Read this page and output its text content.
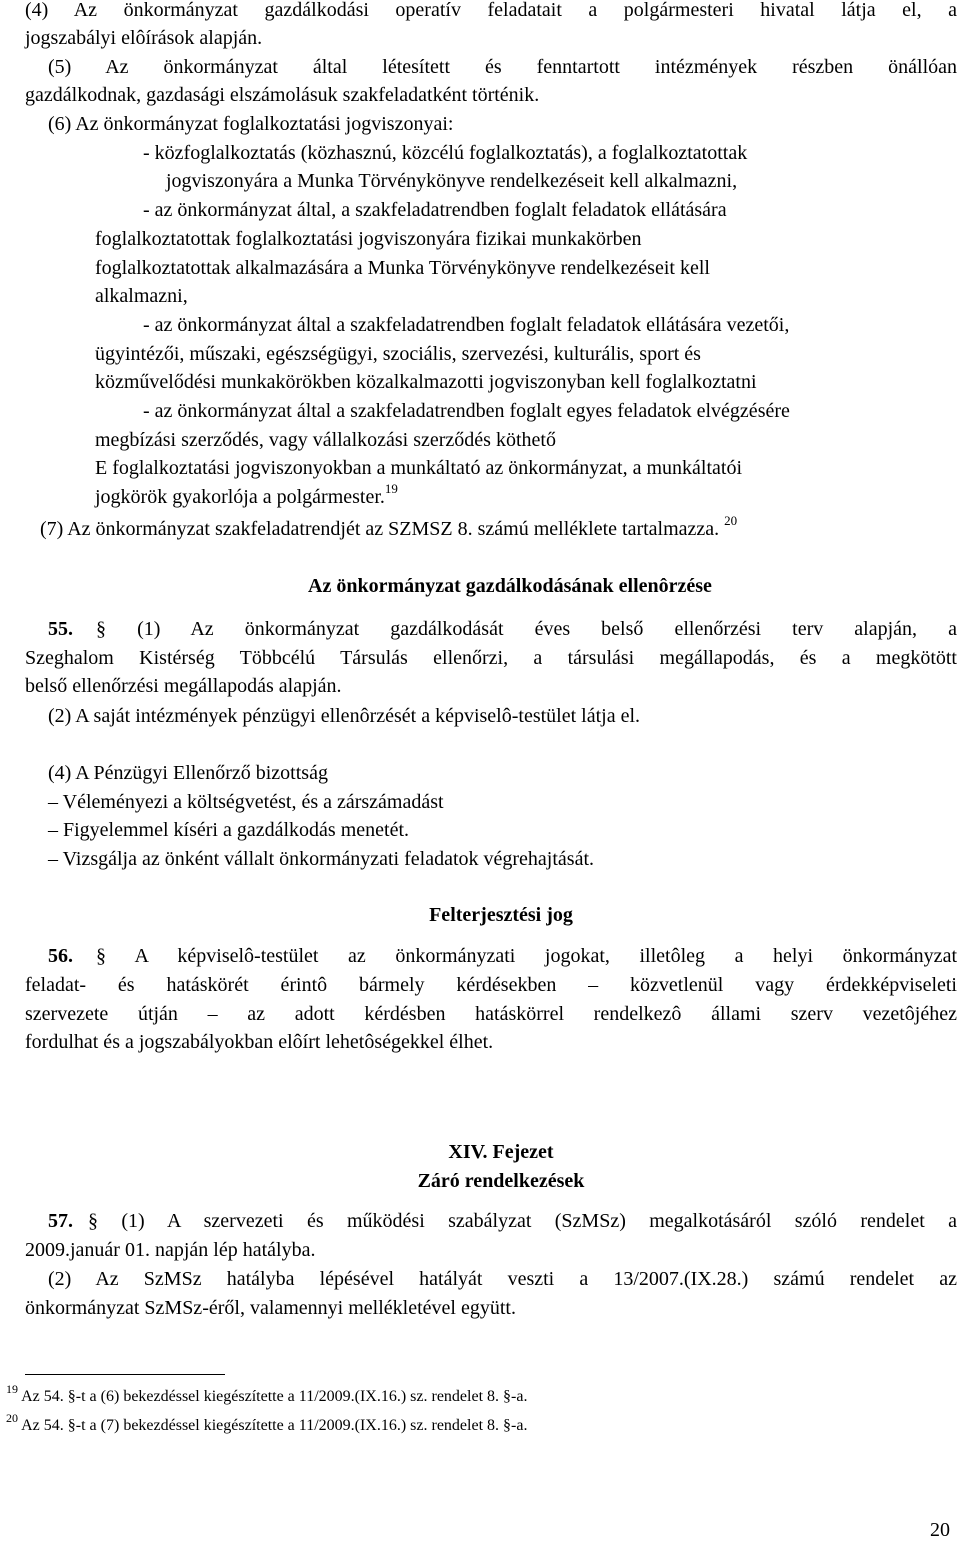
(4) Az önkormányzat gazdálkodási operatív feladatait a polgármesteri hivatal látja el, a
jogszabályi elôírások alapján.
(5) Az önkormányzat által létesített és fenntartott intézmények részben önállóan
gazdálkodnak, gazdasági elszámolásuk szakfeladatként történik.
(6) Az önkormányzat foglalkoztatási jogviszonyai:
- közfoglalkoztatás (közhasznú, közcélú foglalkoztatás), a foglalkoztatottak
jogviszonyára a Munka Törvénykönyve rendelkezéseit kell alkalmazni,
- az önkormányzat által, a szakfeladatrendben foglalt feladatok ellátására
foglalkoztatottak foglalkoztatási jogviszonyára fizikai munkakörben
foglalkoztatottak alkalmazására a Munka Törvénykönyve rendelkezéseit kell
alkalmazni,
- az önkormányzat által a szakfeladatrendben foglalt feladatok ellátására vezetői,
ügyintézői, műszaki, egészségügyi, szociális, szervezési, kulturális, sport és
közművelődési munkakörökben közalkalmazotti jogviszonyban kell foglalkoztatni
- az önkormányzat által a szakfeladatrendben foglalt egyes feladatok elvégzésére
megbízási szerződés, vagy vállalkozási szerződés köthető
E foglalkoztatási jogviszonyokban a munkáltató az önkormányzat, a munkáltatói
jogkörök gyakorlója a polgármester.$^{19}$
(7) Az önkormányzat szakfeladatrendjét az SZMSZ 8. számú melléklete tartalmazza. $^{20}$
Az önkormányzat gazdálkodásának ellenôrzése
55. § (1) Az önkormányzat gazdálkodását éves belső ellenőrzési terv alapján, a
Szeghalom Kistérség Többcélú Társulás ellenőrzi, a társulási megállapodás, és a megkötött
belső ellenőrzési megállapodás alapján.
(2) A saját intézmények pénzügyi ellenôrzését a képviselô-testület látja el.
(4) A Pénzügyi Ellenőrző bizottság
– Véleményezi a költségvetést, és a zárszámadást
– Figyelemmel kíséri a gazdálkodás menetét.
– Vizsgálja az önként vállalt önkormányzati feladatok végrehajtását.
Felterjesztési jog
56. § A képviselô-testület az önkormányzati jogokat, illetôleg a helyi önkormányzat
feladat- és hatáskörét érintô bármely kérdésekben – közvetlenül vagy érdekképviseleti
szervezete útján – az adott kérdésben hatáskörrel rendelkezô állami szerv vezetôjéhez
fordulhat és a jogszabályokban elôírt lehetôségekkel élhet.
XIV. Fejezet
Záró rendelkezések
57. § (1) A szervezeti és működési szabályzat (SzMSz) megalkotásáról szóló rendelet a
2009.január 01. napján lép hatályba.
(2) Az SzMSz hatályba lépésével hatályát veszti a 13/2007.(IX.28.) számú rendelet az
önkormányzat SzMSz-éről, valamennyi mellékletével együtt.
$^{19}$ Az 54. §-t a (6) bekezdéssel kiegészítette a 11/2009.(IX.16.) sz. rendelet 8. §-a.
$^{20}$ Az 54. §-t a (7) bekezdéssel kiegészítette a 11/2009.(IX.16.) sz. rendelet 8. §-a.
20
